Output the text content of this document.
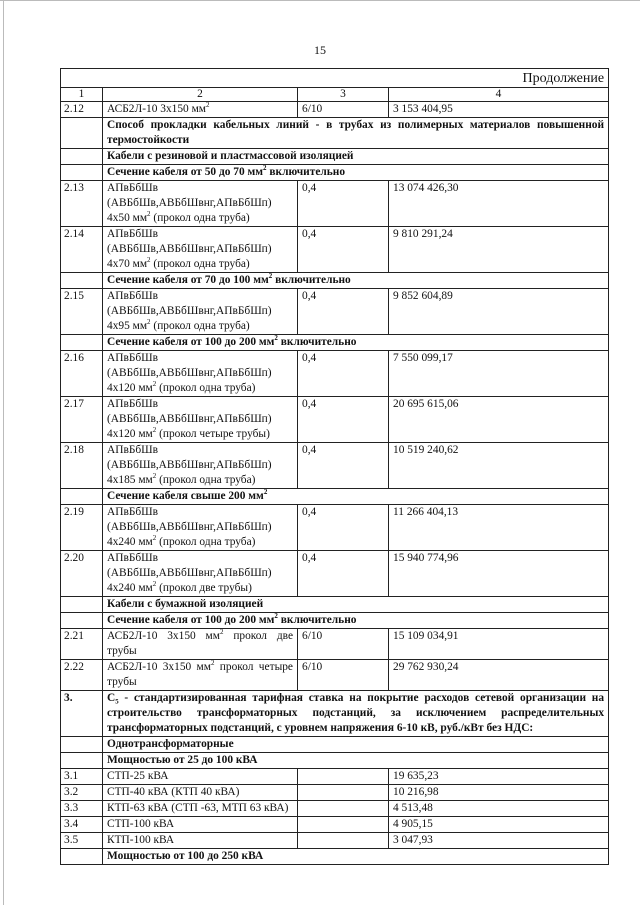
15
Продолжение			
1	2	3	4
2.12	АСБ2Л-10 3х150 $мм^2$	6/10	3 153 404,95
	Способ прокладки кабельных линий - в трубах из полимерных материалов повышенной термостойкости		
	Кабели с резиновой и пластмассовой изоляцией		
	Сечение кабеля от 50 до 70 $мм^2$ включительно		
2.13	АПвБбШв
(АВБбШв,АВБбШвнг,АПвБбШп)
4х50 $мм^2$ (прокол одна труба)	0,4	13 074 426,30
2.14	АПвБбШв
(АВБбШв,АВБбШвнг,АПвБбШп)
4х70 $мм^2$ (прокол одна труба)	0,4	9 810 291,24
	Сечение кабеля от 70 до 100 $мм^2$ включительно		
2.15	АПвБбШв
(АВБбШв,АВБбШвнг,АПвБбШп)
4х95 $мм^2$ (прокол одна труба)	0,4	9 852 604,89
	Сечение кабеля от 100 до 200 $мм^2$ включительно		
2.16	АПвБбШв
(АВБбШв,АВБбШвнг,АПвБбШп)
4х120 $мм^2$ (прокол одна труба)	0,4	7 550 099,17
2.17	АПвБбШв
(АВБбШв,АВБбШвнг,АПвБбШп)
4х120 $мм^2$ (прокол четыре трубы)	0,4	20 695 615,06
2.18	АПвБбШв
(АВБбШв,АВБбШвнг,АПвБбШп)
4х185 $мм^2$ (прокол одна труба)	0,4	10 519 240,62
	Сечение кабеля свыше 200 $мм^2$
2.19	АПвБбШв
(АВБбШв,АВБбШвнг,АПвБбШп)
4х240 $мм^2$ (прокол одна труба)	0,4	11 266 404,13
2.20	АПвБбШв
(АВБбШв,АВБбШвнг,АПвБбШп)
4х240 $мм^2$ (прокол две трубы)	0,4	15 940 774,96
	Кабели с бумажной изоляцией		
	Сечение кабеля от 100 до 200 $мм^2$ включительно		
2.21	АСБ2Л-10 3х150 $мм^2$ прокол две трубы	6/10	15 109 034,91
2.22	АСБ2Л-10 3х150 $мм^2$ прокол четыре трубы	6/10	29 762 930,24
3.	C₅ - стандартизированная тарифная ставка на покрытие расходов сетевой организации на строительство трансформаторных подстанций, за исключением распределительных трансформаторных подстанций, с уровнем напряжения 6-10 кВ, руб./кВт без НДС:		
	Однотрансформаторные		
	Мощностью от 25 до 100 кВА		
3.1	СТП-25 кВА		19 635,23
3.2	СТП-40 кВА (КТП 40 кВА)		10 216,98
3.3	КТП-63 кВА (СТП -63, МТП 63 кВА)		4 513,48
3.4	СТП-100 кВА		4 905,15
3.5	КТП-100 кВА		3 047,93
	Мощностью от 100 до 250 кВА		
